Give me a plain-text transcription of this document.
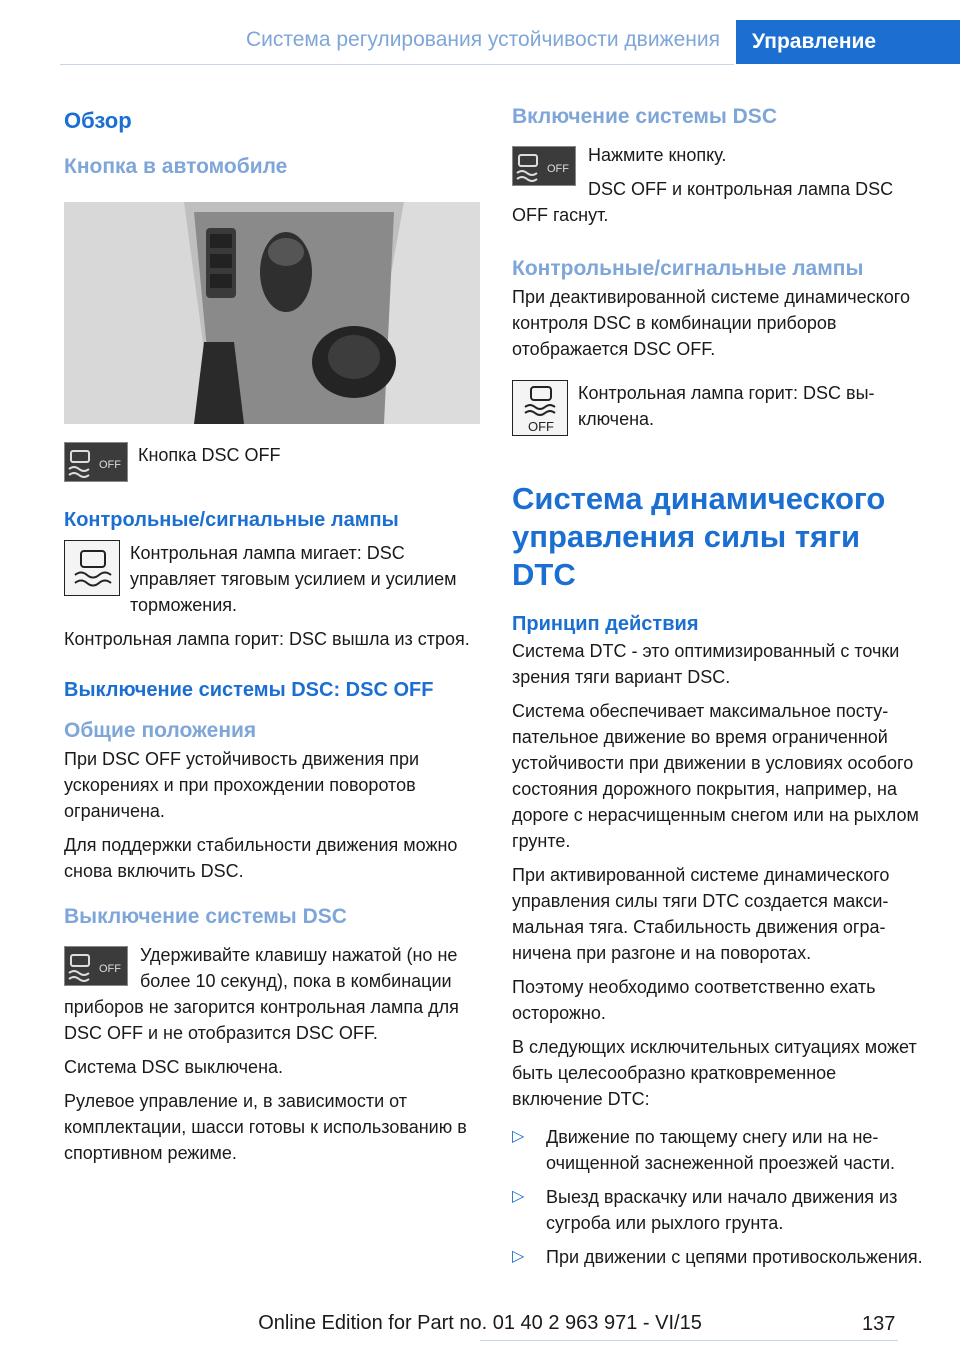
Система регулирования устойчивости движения	Управление
Обзор
Кнопка в автомобиле
OFF Кнопка DSC OFF

Контрольные/сигнальные лампы

Контрольная лампа мигает: DSC управляет тяговым усилием и усилием торможения.

Контрольная лампа горит: DSC вышла из строя.

Выключение системы DSC: DSC OFF
Общие положения

При DSC OFF устойчивость движения при ускорениях и при прохождении поворотов ограничена.

Для поддержки стабильности движения можно снова включить DSC.

Выключение системы DSC
OFF

Удерживайте клавишу нажатой (но не более 10 секунд), пока в комбинации приборов не загорится контрольная лампа для DSC OFF и не отобразится DSC OFF.

Система DSC выключена.

Рулевое управление и, в зависимости от комплектации, шасси готовы к использованию в спортивном режиме.

Включение системы DSC
OFF

Нажмите кнопку.

DSC OFF и контрольная лампа DSC OFF гаснут.

Контрольные/сигнальные лампы

При деактивированной системе динамического контроля DSC в комбинации приборов отображается DSC OFF.

OFF

Контрольная лампа горит: DSC выключена.

Система динамического управления силы тяги DTC
Принцип действия

Система DTC - это оптимизированный с точки зрения тяги вариант DSC.

Система обеспечивает максимальное поступательное движение во время ограниченной устойчивости при движении в условиях особого состояния дорожного покрытия, например, на дороге с нерасчищенным снегом или на рыхлом грунте.

При активированной системе динамического управления силы тяги DTC создается максимальная тяга. Стабильность движения ограничена при разгоне и на поворотах.

Поэтому необходимо соответственно ехать осторожно.

В следующих исключительных ситуациях может быть целесообразно кратковременное включение DTC:

▷ Движение по тающему снегу или на неочищенной заснеженной проезжей части.
▷ Выезд враскачку или начало движения из сугроба или рыхлого грунта.
▷ При движении с цепями противоскольжения.
137
Online Edition for Part no. 01 40 2 963 971 - VI/15
